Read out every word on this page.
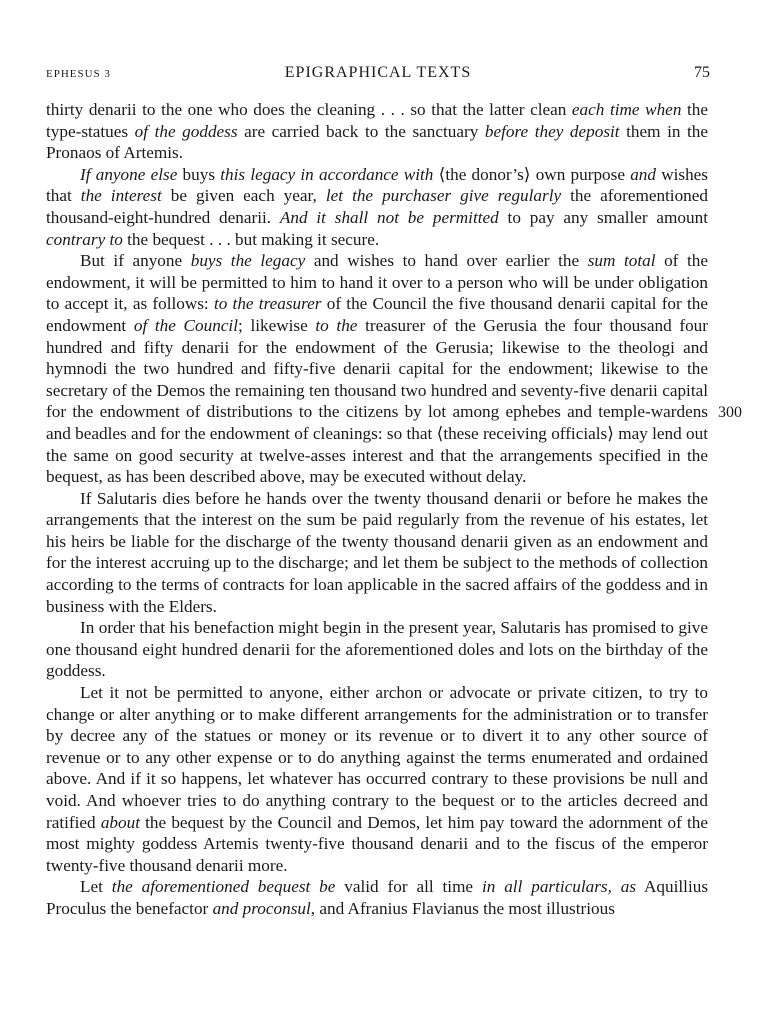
EPHESUS 3	EPIGRAPHICAL TEXTS	75

thirty denarii to the one who does the cleaning . . . so that the latter clean each time when the type-statues of the goddess are carried back to the sanctuary before they deposit them in the Pronaos of Artemis.

If anyone else buys this legacy in accordance with ⟨the donor’s⟩ own purpose and wishes that the interest be given each year, let the purchaser give regularly the aforementioned thousand-eight-hundred denarii. And it shall not be permitted to pay any smaller amount contrary to the bequest . . . but making it secure.

But if anyone buys the legacy and wishes to hand over earlier the sum total of the endowment, it will be permitted to him to hand it over to a person who will be under obligation to accept it, as follows: to the treasurer of the Council the five thousand denarii capital for the endowment of the Council; likewise to the treasurer of the Gerusia the four thousand four hundred and fifty denarii for the endowment of the Gerusia; likewise to the theologi and hymnodi the two hundred and fifty-five denarii capital for the endowment; likewise to the secretary of the Demos the remaining ten thousand two hundred and seventy-five denarii capital for the endowment of distributions to the citizens by lot among ephebes and temple-wardens and beadles and for the endowment of cleanings: so that ⟨these receiving officials⟩ may lend out the same on good security at twelve-asses interest and that the arrangements specified in the bequest, as has been described above, may be executed without delay.

If Salutaris dies before he hands over the twenty thousand denarii or before he makes the arrangements that the interest on the sum be paid regularly from the revenue of his estates, let his heirs be liable for the discharge of the twenty thousand denarii given as an endowment and for the interest accruing up to the discharge; and let them be subject to the methods of collection according to the terms of contracts for loan applicable in the sacred affairs of the goddess and in business with the Elders.

In order that his benefaction might begin in the present year, Salutaris has promised to give one thousand eight hundred denarii for the aforementioned doles and lots on the birthday of the goddess.

Let it not be permitted to anyone, either archon or advocate or private citizen, to try to change or alter anything or to make different arrangements for the administration or to transfer by decree any of the statues or money or its revenue or to divert it to any other source of revenue or to any other expense or to do anything against the terms enumerated and ordained above. And if it so happens, let whatever has occurred contrary to these provisions be null and void. And whoever tries to do anything contrary to the bequest or to the articles decreed and ratified about the bequest by the Council and Demos, let him pay toward the adornment of the most mighty goddess Artemis twenty-five thousand denarii and to the fiscus of the emperor twenty-five thousand denarii more.

Let the aforementioned bequest be valid for all time in all particulars, as Aquillius Proculus the benefactor and proconsul, and Afranius Flavianus the most illustrious

300
